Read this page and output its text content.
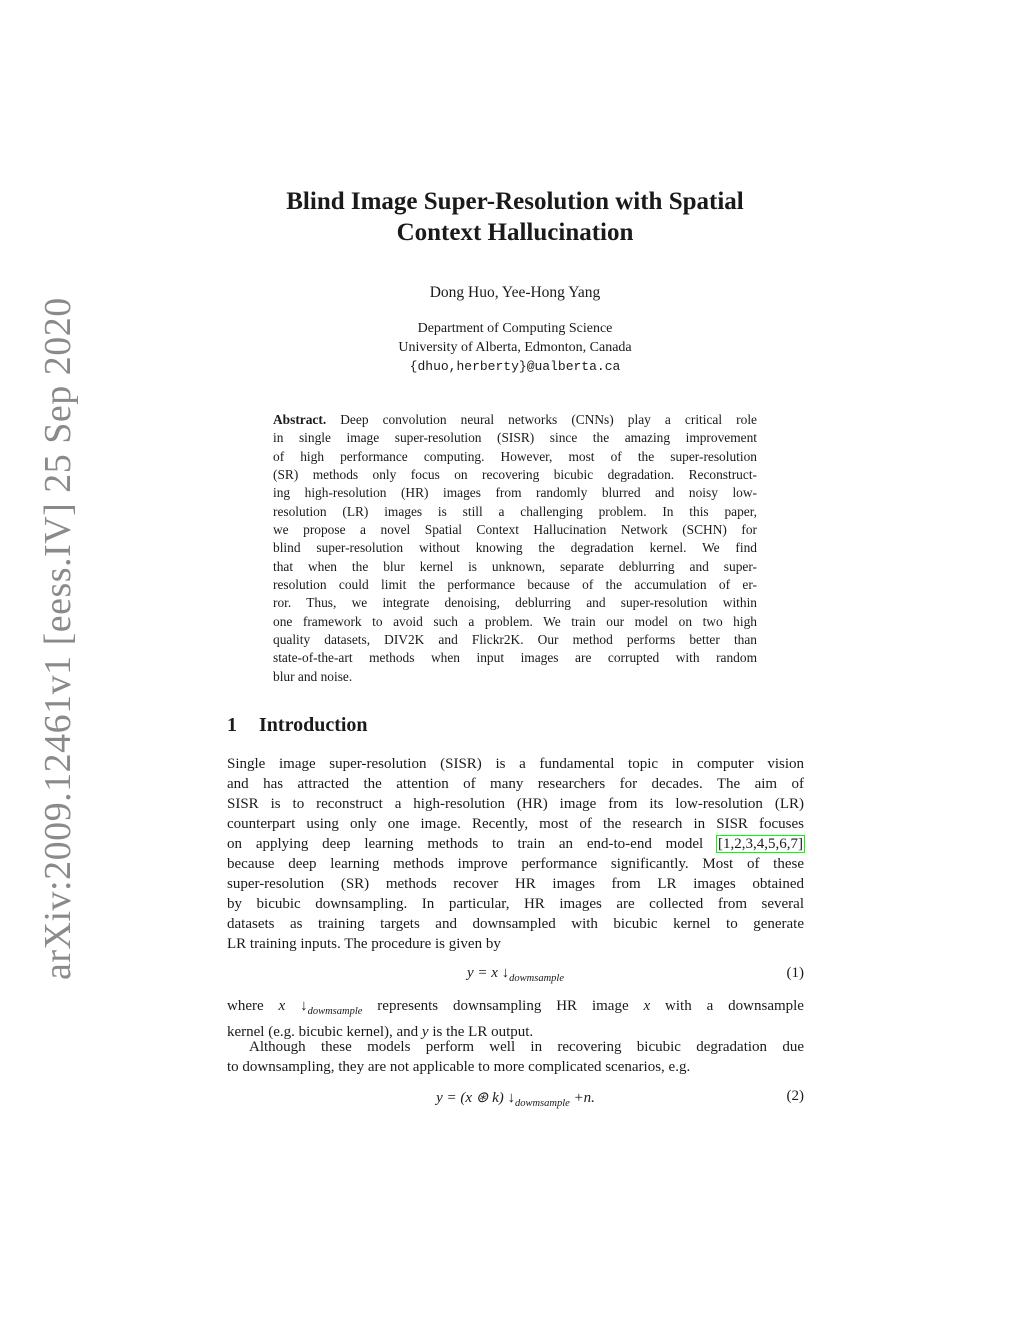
arXiv:2009.12461v1 [eess.IV] 25 Sep 2020
Blind Image Super-Resolution with Spatial
Context Hallucination
Dong Huo, Yee-Hong Yang
Department of Computing Science
University of Alberta, Edmonton, Canada
{dhuo,herberty}@ualberta.ca
Abstract. Deep convolution neural networks (CNNs) play a critical role
in single image super-resolution (SISR) since the amazing improvement
of high performance computing. However, most of the super-resolution
(SR) methods only focus on recovering bicubic degradation. Reconstruct-
ing high-resolution (HR) images from randomly blurred and noisy low-
resolution (LR) images is still a challenging problem. In this paper,
we propose a novel Spatial Context Hallucination Network (SCHN) for
blind super-resolution without knowing the degradation kernel. We find
that when the blur kernel is unknown, separate deblurring and super-
resolution could limit the performance because of the accumulation of er-
ror. Thus, we integrate denoising, deblurring and super-resolution within
one framework to avoid such a problem. We train our model on two high
quality datasets, DIV2K and Flickr2K. Our method performs better than
state-of-the-art methods when input images are corrupted with random
blur and noise.
1 Introduction
Single image super-resolution (SISR) is a fundamental topic in computer vision
and has attracted the attention of many researchers for decades. The aim of
SISR is to reconstruct a high-resolution (HR) image from its low-resolution (LR)
counterpart using only one image. Recently, most of the research in SISR focuses
on applying deep learning methods to train an end-to-end model [1,2,3,4,5,6,7]
because deep learning methods improve performance significantly. Most of these
super-resolution (SR) methods recover HR images from LR images obtained
by bicubic downsampling. In particular, HR images are collected from several
datasets as training targets and downsampled with bicubic kernel to generate
LR training inputs. The procedure is given by
y = x $↓_{dowmsample}$	(1)
where x $↓_{dowmsample}$ represents downsampling HR image x with a downsample
kernel (e.g. bicubic kernel), and y is the LR output.
Although these models perform well in recovering bicubic degradation due
to downsampling, they are not applicable to more complicated scenarios, e.g.
y = (x ⊛ k) $↓_{dowmsample} +n$.	(2)
